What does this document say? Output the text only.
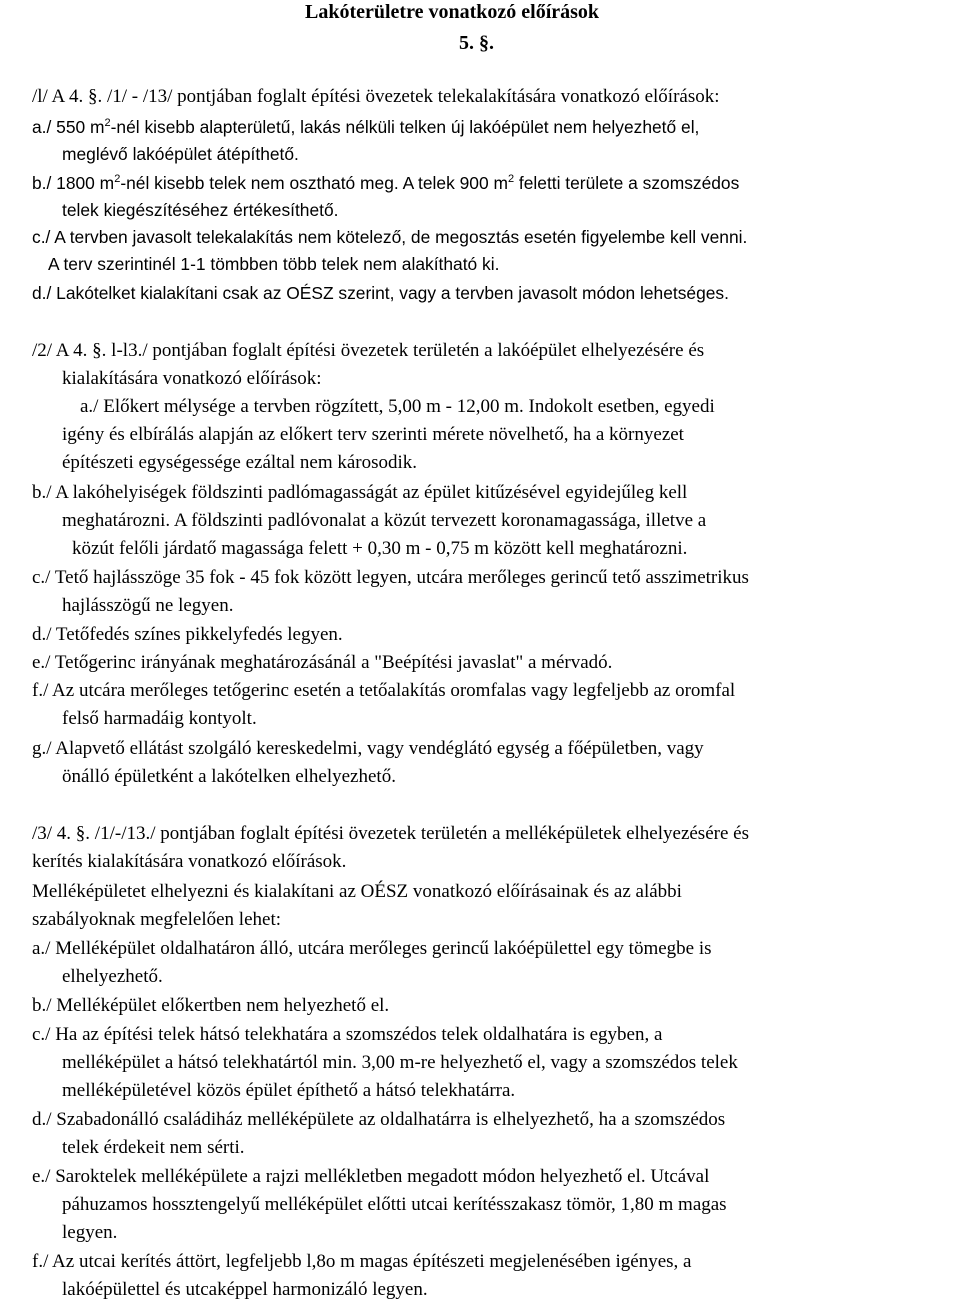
Lakóterületre vonatkozó előírások
5. §.
/l/ A 4. §. /1/ - /13/ pontjában foglalt építési övezetek telekalakítására vonatkozó előírások:
a./ 550 $m^2$-nél kisebb alapterületű, lakás nélküli telken új lakóépület nem helyezhető el,
meglévő lakóépület átépíthető.
b./ 1800 $m^2$-nél kisebb telek nem osztható meg. A telek 900 $m^2$ feletti területe a szomszédos
telek kiegészítéséhez értékesíthető.
c./ A tervben javasolt telekalakítás nem kötelező, de megosztás esetén figyelembe kell venni.
A terv szerintinél 1-1 tömbben több telek nem alakítható ki.
d./ Lakótelket kialakítani csak az OÉSZ szerint, vagy a tervben javasolt módon lehetséges.
/2/ A 4. §. l-l3./ pontjában foglalt építési övezetek területén a lakóépület elhelyezésére és
kialakítására vonatkozó előírások:
a./ Előkert mélysége a tervben rögzített, 5,00 m - 12,00 m. Indokolt esetben, egyedi
igény és elbírálás alapján az előkert terv szerinti mérete növelhető, ha a környezet
építészeti egységessége ezáltal nem károsodik.
b./ A lakóhelyiségek földszinti padlómagasságát az épület kitűzésével egyidejűleg kell
meghatározni. A földszinti padlóvonalat a közút tervezett koronamagassága, illetve a
közút felőli járdatő magassága felett + 0,30 m - 0,75 m között kell meghatározni.
c./ Tető hajlásszöge 35 fok - 45 fok között legyen, utcára merőleges gerincű tető asszimetrikus
hajlásszögű ne legyen.
d./ Tetőfedés színes pikkelyfedés legyen.
e./ Tetőgerinc irányának meghatározásánál a "Beépítési javaslat" a mérvadó.
f./ Az utcára merőleges tetőgerinc esetén a tetőalakítás oromfalas vagy legfeljebb az oromfal
felső harmadáig kontyolt.
g./ Alapvető ellátást szolgáló kereskedelmi, vagy vendéglátó egység a főépületben, vagy
önálló épületként a lakótelken elhelyezhető.
/3/ 4. §. /1/-/13./ pontjában foglalt építési övezetek területén a melléképületek elhelyezésére és
kerítés kialakítására vonatkozó előírások.
Melléképületet elhelyezni és kialakítani az OÉSZ vonatkozó előírásainak és az alábbi
szabályoknak megfelelően lehet:
a./ Melléképület oldalhatáron álló, utcára merőleges gerincű lakóépülettel egy tömegbe is
elhelyezhető.
b./ Melléképület előkertben nem helyezhető el.
c./ Ha az építési telek hátsó telekhatára a szomszédos telek oldalhatára is egyben, a
melléképület a hátsó telekhatártól min. 3,00 m-re helyezhető el, vagy a szomszédos telek
melléképületével közös épület építhető a hátsó telekhatárra.
d./ Szabadonálló családiház melléképülete az oldalhatárra is elhelyezhető, ha a szomszédos
telek érdekeit nem sérti.
e./ Saroktelek melléképülete a rajzi mellékletben megadott módon helyezhető el. Utcával
páhuzamos hossztengelyű melléképület előtti utcai kerítésszakasz tömör, 1,80 m magas
legyen.
f./ Az utcai kerítés áttört, legfeljebb l,8o m magas építészeti megjelenésében igényes, a
lakóépülettel és utcaképpel harmonizáló legyen.
